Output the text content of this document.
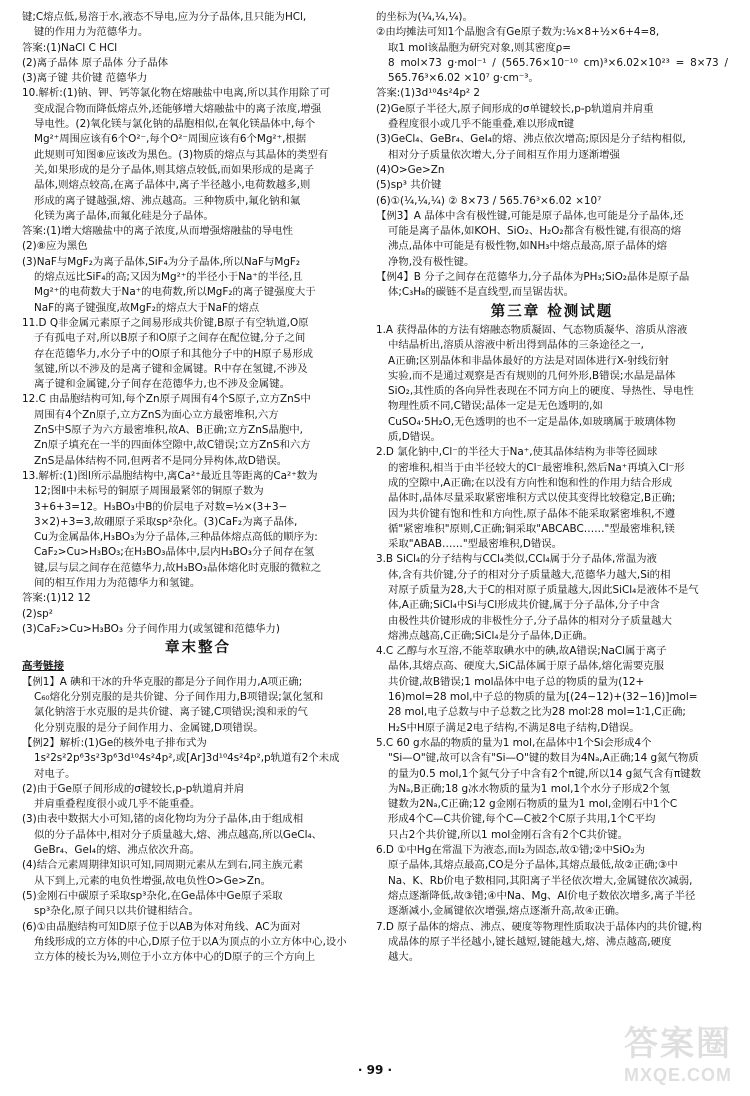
键;C熔点低,易溶于水,液态不导电,应为分子晶体,且只能为HCl,

键的作用力为范德华力。

答案:(1)NaCl C HCl

(2)离子晶体 原子晶体 分子晶体

(3)离子键 共价键 范德华力

10.解析:(1)钠、钾、钙等氯化物在熔融盐中电离,所以其作用除了可

变成混合物而降低熔点外,还能够增大熔融盐中的离子浓度,增强

导电性。(2)氧化镁与氯化钠的晶胞相似,在氧化镁晶体中,每个

Mg²⁺周围应该有6个O²⁻,每个O²⁻周围应该有6个Mg²⁺,根据

此规则可知图⑧应该改为黑色。(3)物质的熔点与其晶体的类型有

关,如果形成的是分子晶体,则其熔点较低,而如果形成的是离子

晶体,则熔点较高,在离子晶体中,离子半径越小,电荷数越多,则

形成的离子键越强,熔、沸点越高。三种物质中,氟化钠和氟

化镁为离子晶体,而氟化硅是分子晶体。

答案:(1)增大熔融盐中的离子浓度,从而增强熔融盐的导电性

(2)⑧应为黑色

(3)NaF与MgF₂为离子晶体,SiF₄为分子晶体,所以NaF与MgF₂

的熔点远比SiF₄的高;又因为Mg²⁺的半径小于Na⁺的半径,且

Mg²⁺的电荷数大于Na⁺的电荷数,所以MgF₂的离子键强度大于

NaF的离子键强度,故MgF₂的熔点大于NaF的熔点

11.D Q非金属元素原子之间易形成共价键,B原子有空轨道,O原

子有孤电子对,所以B原子和O原子之间存在配位键,分子之间

存在范德华力,水分子中的O原子和其他分子中的H原子易形成

氢键,所以不涉及的是离子键和金属键。R中存在氢键,不涉及

离子键和金属键,分子间存在范德华力,也不涉及金属键。

12.C 由晶胞结构可知,每个Zn原子周围有4个S原子,立方ZnS中

周围有4个Zn原子,立方ZnS为面心立方最密堆积,六方

ZnS中S原子为六方最密堆积,故A、B正确;立方ZnS晶胞中,

Zn原子填充在一半的四面体空隙中,故C错误;立方ZnS和六方

ZnS是晶体结构不同,但两者不是同分异构体,故D错误。

13.解析:(1)图Ⅰ所示晶胞结构中,离Ca²⁺最近且等距离的Ca²⁺数为

12;图Ⅱ中未标号的铜原子周围最紧邻的铜原子数为

3+6+3=12。H₃BO₃中B的价层电子对数=½×(3+3−

3×2)+3=3,故硼原子采取sp²杂化。(3)CaF₂为离子晶体,

Cu为金属晶体,H₃BO₃为分子晶体,三种晶体熔点高低的顺序为:

CaF₂>Cu>H₃BO₃;在H₃BO₃晶体中,层内H₃BO₃分子间存在氢

键,层与层之间存在范德华力,故H₃BO₃晶体熔化时克服的微粒之

间的相互作用力为范德华力和氢键。

答案:(1)12 12

(2)sp²

(3)CaF₂>Cu>H₃BO₃ 分子间作用力(或氢键和范德华力)

章末整合
高考链接

【例1】A 碘和干冰的升华克服的都是分子间作用力,A项正确;

C₆₀熔化分别克服的是共价键、分子间作用力,B项错误;氯化氢和

氯化钠溶于水克服的是共价键、离子键,C项错误;溴和汞的气

化分别克服的是分子间作用力、金属键,D项错误。

【例2】解析:(1)Ge的核外电子排布式为

1s²2s²2p⁶3s²3p⁶3d¹⁰4s²4p²,或[Ar]3d¹⁰4s²4p²,p轨道有2个未成

对电子。

(2)由于Ge原子间形成的σ键较长,p-p轨道肩并肩

并肩重叠程度很小或几乎不能重叠。

(3)由表中数据大小可知,锗的卤化物均为分子晶体,由于组成相

似的分子晶体中,相对分子质量越大,熔、沸点越高,所以GeCl₄、

GeBr₄、GeI₄的熔、沸点依次升高。

(4)结合元素周期律知识可知,同周期元素从左到右,同主族元素

从下到上,元素的电负性增强,故电负性O>Ge>Zn。

(5)金刚石中碳原子采取sp³杂化,在Ge晶体中Ge原子采取

sp³杂化,原子间只以共价键相结合。

(6)①由晶胞结构可知D原子位于以AB为体对角线、AC为面对

角线形成的立方体的中心,D原子位于以A为顶点的小立方体中心,设小

立方体的棱长为½,则位于小立方体中心的D原子的三个方向上

的坐标为(¼,¼,¼)。

②由均摊法可知1个晶胞含有Ge原子数为:⅛×8+½×6+4=8,

取1 mol该晶胞为研究对象,则其密度ρ=

8 mol×73 g·mol⁻¹ / (565.76×10⁻¹⁰ cm)³×6.02×10²³ = 8×73 / 565.76³×6.02 ×10⁷ g·cm⁻³。

答案:(1)3d¹⁰4s²4p² 2

(2)Ge原子半径大,原子间形成的σ单键较长,p-p轨道肩并肩重

叠程度很小或几乎不能重叠,难以形成π键

(3)GeCl₄、GeBr₄、GeI₄的熔、沸点依次增高;原因是分子结构相似,

相对分子质量依次增大,分子间相互作用力逐渐增强

(4)O>Ge>Zn

(5)sp³ 共价键

(6)①(¼,¼,¼) ② 8×73 / 565.76³×6.02 ×10⁷

【例3】A 晶体中含有极性键,可能是原子晶体,也可能是分子晶体,还

可能是离子晶体,如KOH、SiO₂、H₂O₂都含有极性键,有很高的熔

沸点,晶体中可能是有极性物,如NH₃中熔点最高,原子晶体的熔

净物,没有极性键。

【例4】B 分子之间存在范德华力,分子晶体为PH₃;SiO₂晶体是原子晶

体;C₃H₈的碳链不是直线型,而呈锯齿状。

第三章 检测试题

1.A 获得晶体的方法有熔融态物质凝固、气态物质凝华、溶质从溶液

中结晶析出,溶质从溶液中析出得到晶体的三条途径之一,

A正确;区别晶体和非晶体最好的方法是对固体进行X-射线衍射

实验,而不是通过观察是否有规则的几何外形,B错误;水晶是晶体

SiO₂,其性质的各向异性表现在不同方向上的硬度、导热性、导电性

物理性质不同,C错误;晶体一定是无色透明的,如

CuSO₄·5H₂O,无色透明的也不一定是晶体,如玻璃属于玻璃体物

质,D错误。

2.D 氯化钠中,Cl⁻的半径大于Na⁺,使其晶体结构为非等径圆球

的密堆积,相当于由半径较大的Cl⁻最密堆积,然后Na⁺再填入Cl⁻形

成的空隙中,A正确;在以没有方向性和饱和性的作用力结合形成

晶体时,晶体尽量采取紧密堆积方式以使其变得比较稳定,B正确;

因为共价键有饱和性和方向性,原子晶体不能采取紧密堆积,不遵

循"紧密堆积"原则,C正确;铜采取"ABCABC……"型最密堆积,镁

采取"ABAB……"型最密堆积,D错误。

3.B SiCl₄的分子结构与CCl₄类似,CCl₄属于分子晶体,常温为液

体,含有共价键,分子的相对分子质量越大,范德华力越大,Si的相

对原子质量为28,大于C的相对原子质量越大,因此SiCl₄是液体不是气

体,A正确;SiCl₄中Si与Cl形成共价键,属于分子晶体,分子中含

由极性共价键形成的非极性分子,分子晶体的相对分子质量越大

熔沸点越高,C正确;SiCl₄是分子晶体,D正确。

4.C 乙醇与水互溶,不能萃取碘水中的碘,故A错误;NaCl属于离子

晶体,其熔点高、硬度大,SiC晶体属于原子晶体,熔化需要克服

共价键,故B错误;1 mol晶体中电子总的物质的量为(12+

16)mol=28 mol,中子总的物质的量为[(24−12)+(32−16)]mol=

28 mol,电子总数与中子总数之比为28 mol∶28 mol=1∶1,C正确;

H₂S中H原子满足2电子结构,不满足8电子结构,D错误。

5.C 60 g水晶的物质的量为1 mol,在晶体中1个Si会形成4个

"Si—O"键,故可以含有"Si—O"键的数目为4Nₐ,A正确;14 g氮气物质

的量为0.5 mol,1个氮气分子中含有2个π键,所以14 g氮气含有π键数

为Nₐ,B正确;18 g冰水物质的量为1 mol,1个水分子形成2个氢

键数为2Nₐ,C正确;12 g金刚石物质的量为1 mol,金刚石中1个C

形成4个C—C共价键,每个C—C被2个C原子共用,1个C平均

只占2个共价键,所以1 mol金刚石含有2个C共价键。

6.D ①中Hg在常温下为液态,而I₂为固态,故①错;②中SiO₂为

原子晶体,其熔点最高,CO是分子晶体,其熔点最低,故②正确;③中

Na、K、Rb价电子数相同,其阳离子半径依次增大,金属键依次减弱,

熔点逐渐降低,故③错;④中Na、Mg、Al价电子数依次增多,离子半径

逐渐减小,金属键依次增强,熔点逐渐升高,故④正确。

7.D 原子晶体的熔点、沸点、硬度等物理性质取决于晶体内的共价键,构

成晶体的原子半径越小,键长越短,键能越大,熔、沸点越高,硬度

越大。

· 99 ·
答案圈
MXQE.COM
